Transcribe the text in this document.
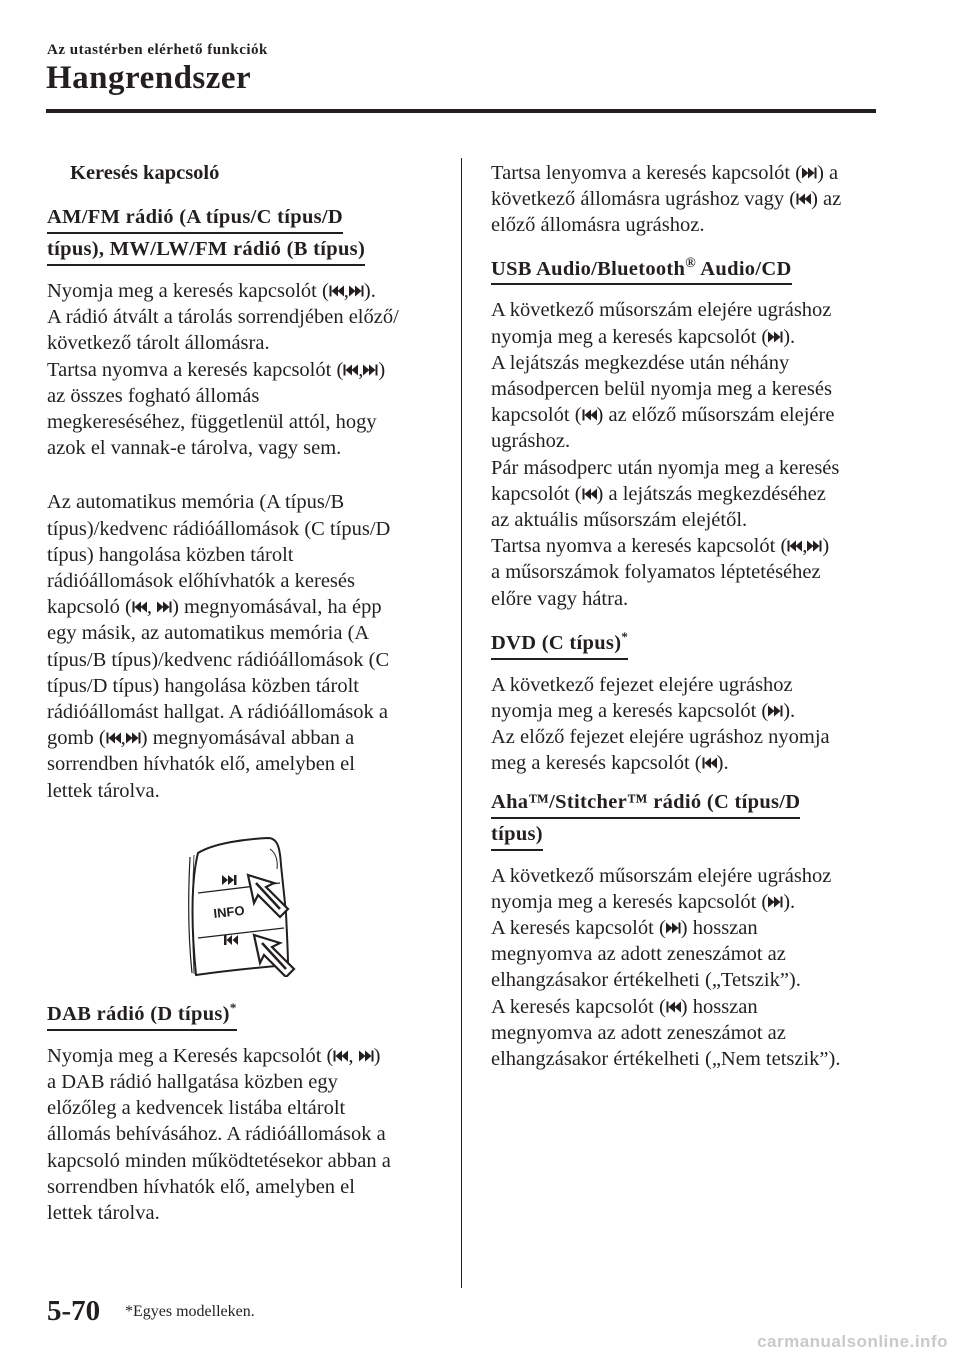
Az utastérben elérhető funkciók
Hangrendszer
Keresés kapcsoló
AM/FM rádió (A típus/C típus/D
típus), MW/LW/FM rádió (B típus)

Nyomja meg a keresés kapcsolót ( , ).

A rádió átvált a tárolás sorrendjében előző/

következő tárolt állomásra.

Tartsa nyomva a keresés kapcsolót ( , )

az összes fogható állomás

megkereséséhez, függetlenül attól, hogy

azok el vannak-e tárolva, vagy sem.

Az automatikus memória (A típus/B

típus)/kedvenc rádióállomások (C típus/D

típus) hangolása közben tárolt

rádióállomások előhívhatók a keresés

kapcsoló ( ,
) megnyomásával, ha épp

egy másik, az automatikus memória (A

típus/B típus)/kedvenc rádióállomások (C

típus/D típus) hangolása közben tárolt

rádióállomást hallgat. A rádióállomások a

gomb ( , ) megnyomásával abban a

sorrendben hívhatók elő, amelyben el

lettek tárolva.

INFO
DAB rádió (D típus)*

Nyomja meg a Keresés kapcsolót ( ,
)

a DAB rádió hallgatása közben egy

előzőleg a kedvencek listába eltárolt

állomás behívásához. A rádióállomások a

kapcsoló minden működtetésekor abban a

sorrendben hívhatók elő, amelyben el

lettek tárolva.

Tartsa lenyomva a keresés kapcsolót ( ) a

következő állomásra ugráshoz vagy ( ) az

előző állomásra ugráshoz.

USB Audio/Bluetooth® Audio/CD

A következő műsorszám elejére ugráshoz

nyomja meg a keresés kapcsolót ( ).

A lejátszás megkezdése után néhány

másodpercen belül nyomja meg a keresés

kapcsolót ( ) az előző műsorszám elejére

ugráshoz.

Pár másodperc után nyomja meg a keresés

kapcsolót ( ) a lejátszás megkezdéséhez

az aktuális műsorszám elejétől.

Tartsa nyomva a keresés kapcsolót ( , )

a műsorszámok folyamatos léptetéséhez

előre vagy hátra.

DVD (C típus)*

A következő fejezet elejére ugráshoz

nyomja meg a keresés kapcsolót ( ).

Az előző fejezet elejére ugráshoz nyomja

meg a keresés kapcsolót ( ).

Aha™/Stitcher™ rádió (C típus/D
típus)

A következő műsorszám elejére ugráshoz

nyomja meg a keresés kapcsolót ( ).

A keresés kapcsolót ( ) hosszan

megnyomva az adott zeneszámot az

elhangzásakor értékelheti („Tetszik”).

A keresés kapcsolót ( ) hosszan

megnyomva az adott zeneszámot az

elhangzásakor értékelheti („Nem tetszik”).

5-70 *Egyes modelleken.
carmanualsonline.info
